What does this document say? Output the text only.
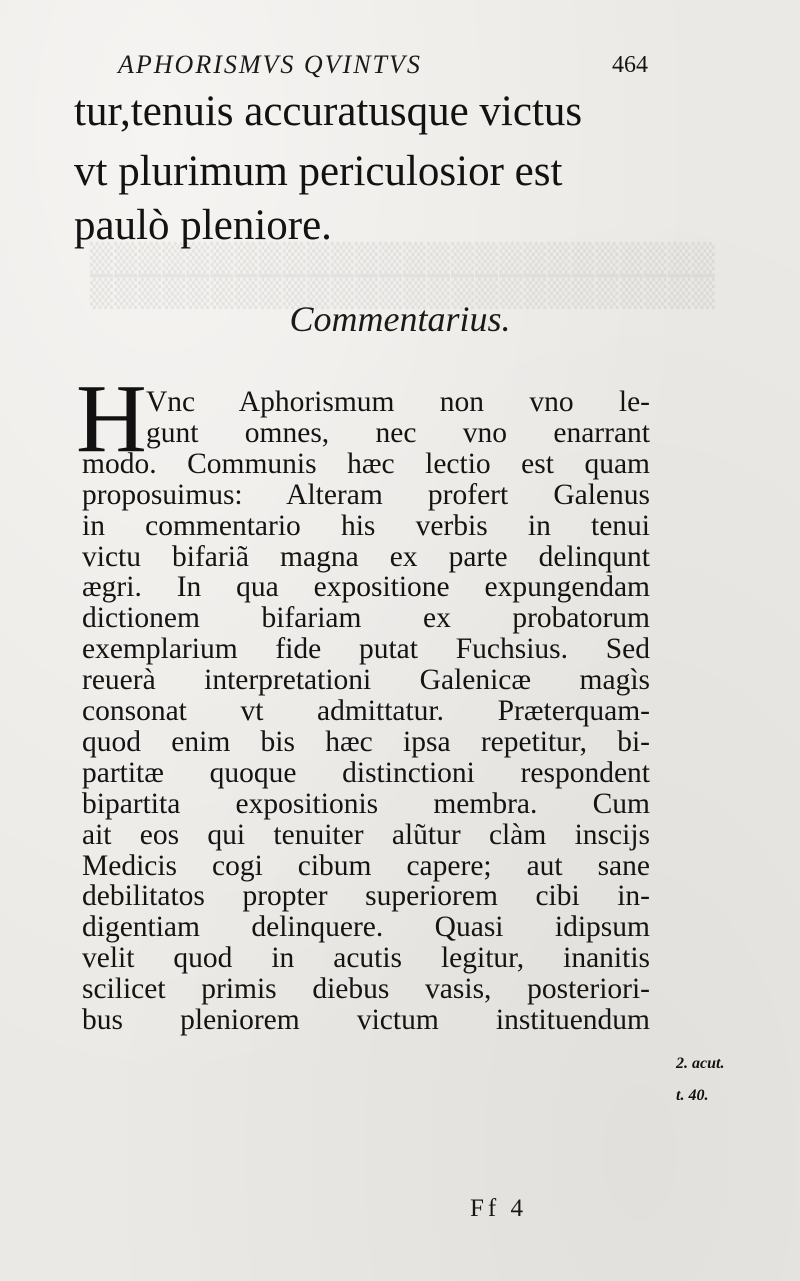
▒▒▒▒▒▒▒▒▒▒▒▒▒▒▒▒▒▒▒▒▒▒▒▒▒▒
▒▒▒▒▒▒▒▒▒▒▒▒▒▒▒▒▒▒▒▒▒▒▒▒▒▒
APHORISMVS QVINTVS	464
tur,tenuis accuratusque victus
vt plurimum periculosior est
paulò pleniore.
Commentarius.
H Vnc Aphorismum non vno le-
gunt omnes, nec vno enarrant
modo. Communis hæc lectio est quam
proposuimus: Alteram profert Galenus
in commentario his verbis in tenui
victu bifariã magna ex parte delinqunt
ægri. In qua expositione expungendam
dictionem bifariam ex probatorum
exemplarium fide putat Fuchsius. Sed
reuerà interpretationi Galenicæ magìs
consonat vt admittatur. Præterquam-
quod enim bis hæc ipsa repetitur, bi-
partitæ quoque distinctioni respondent
bipartita expositionis membra. Cum
ait eos qui tenuiter alũtur clàm inscijs
Medicis cogi cibum capere; aut sane
debilitatos propter superiorem cibi in-
digentiam delinquere. Quasi idipsum
velit quod in acutis legitur, inanitis
scilicet primis diebus vasis, posteriori-
bus pleniorem victum instituendum
2. acut.
t. 40.
Ff 4
